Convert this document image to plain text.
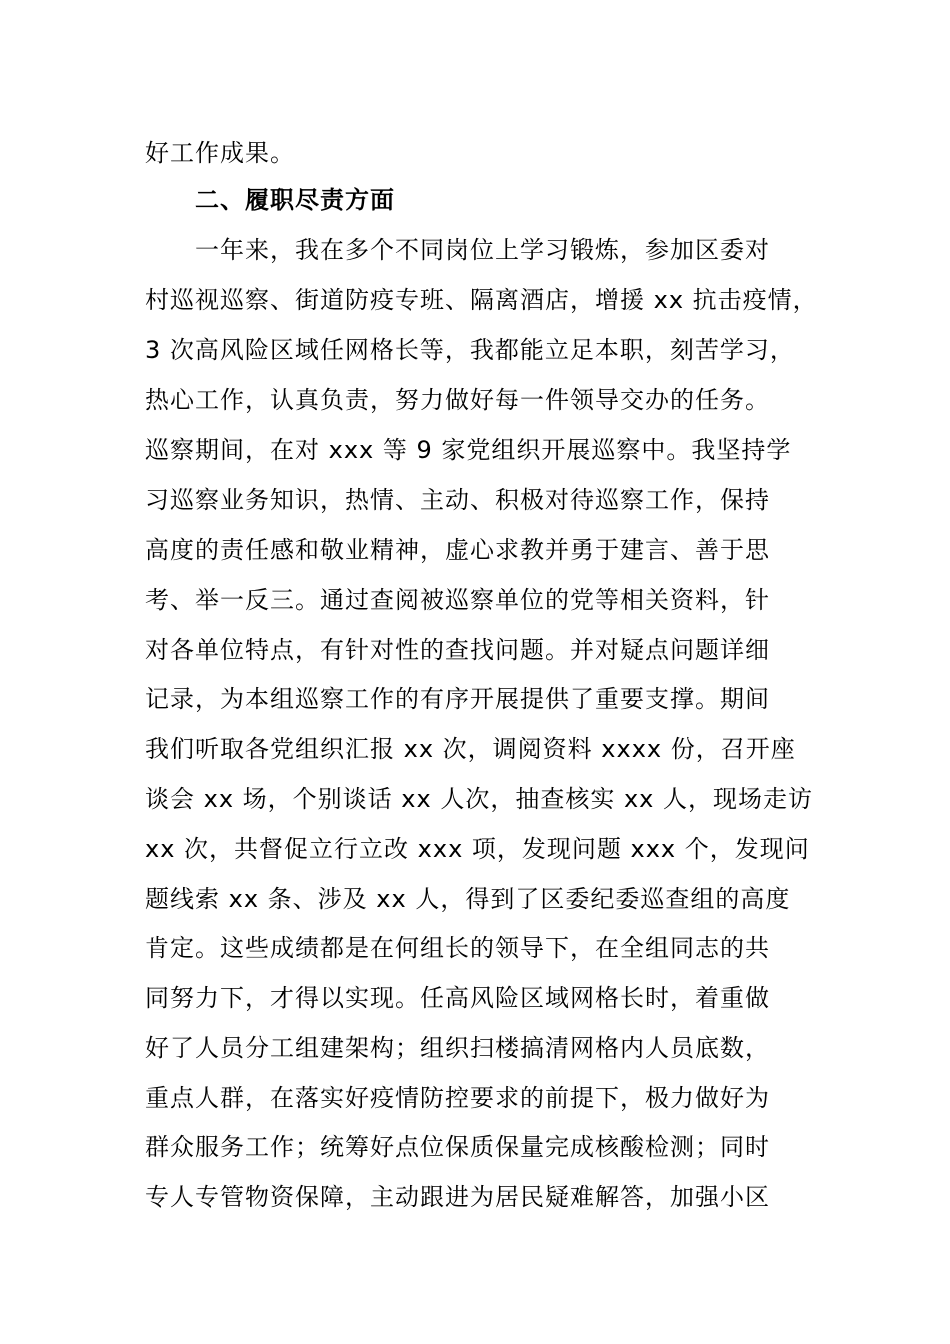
好工作成果。
二、履职尽责方面
一年来，我在多个不同岗位上学习锻炼，参加区委对
村巡视巡察、街道防疫专班、隔离酒店，增援 xx 抗击疫情，
3 次高风险区域任网格长等，我都能立足本职，刻苦学习，
热心工作，认真负责，努力做好每一件领导交办的任务。
巡察期间，在对 xxx 等 9 家党组织开展巡察中。我坚持学
习巡察业务知识，热情、主动、积极对待巡察工作，保持
高度的责任感和敬业精神，虚心求教并勇于建言、善于思
考、举一反三。通过查阅被巡察单位的党等相关资料，针
对各单位特点，有针对性的查找问题。并对疑点问题详细
记录，为本组巡察工作的有序开展提供了重要支撑。期间
我们听取各党组织汇报 xx 次，调阅资料 xxxx 份，召开座
谈会 xx 场，个别谈话 xx 人次，抽查核实 xx 人，现场走访
xx 次，共督促立行立改 xxx 项，发现问题 xxx 个，发现问
题线索 xx 条、涉及 xx 人，得到了区委纪委巡查组的高度
肯定。这些成绩都是在何组长的领导下，在全组同志的共
同努力下，才得以实现。任高风险区域网格长时，着重做
好了人员分工组建架构；组织扫楼搞清网格内人员底数，
重点人群，在落实好疫情防控要求的前提下，极力做好为
群众服务工作；统筹好点位保质保量完成核酸检测；同时
专人专管物资保障，主动跟进为居民疑难解答，加强小区
